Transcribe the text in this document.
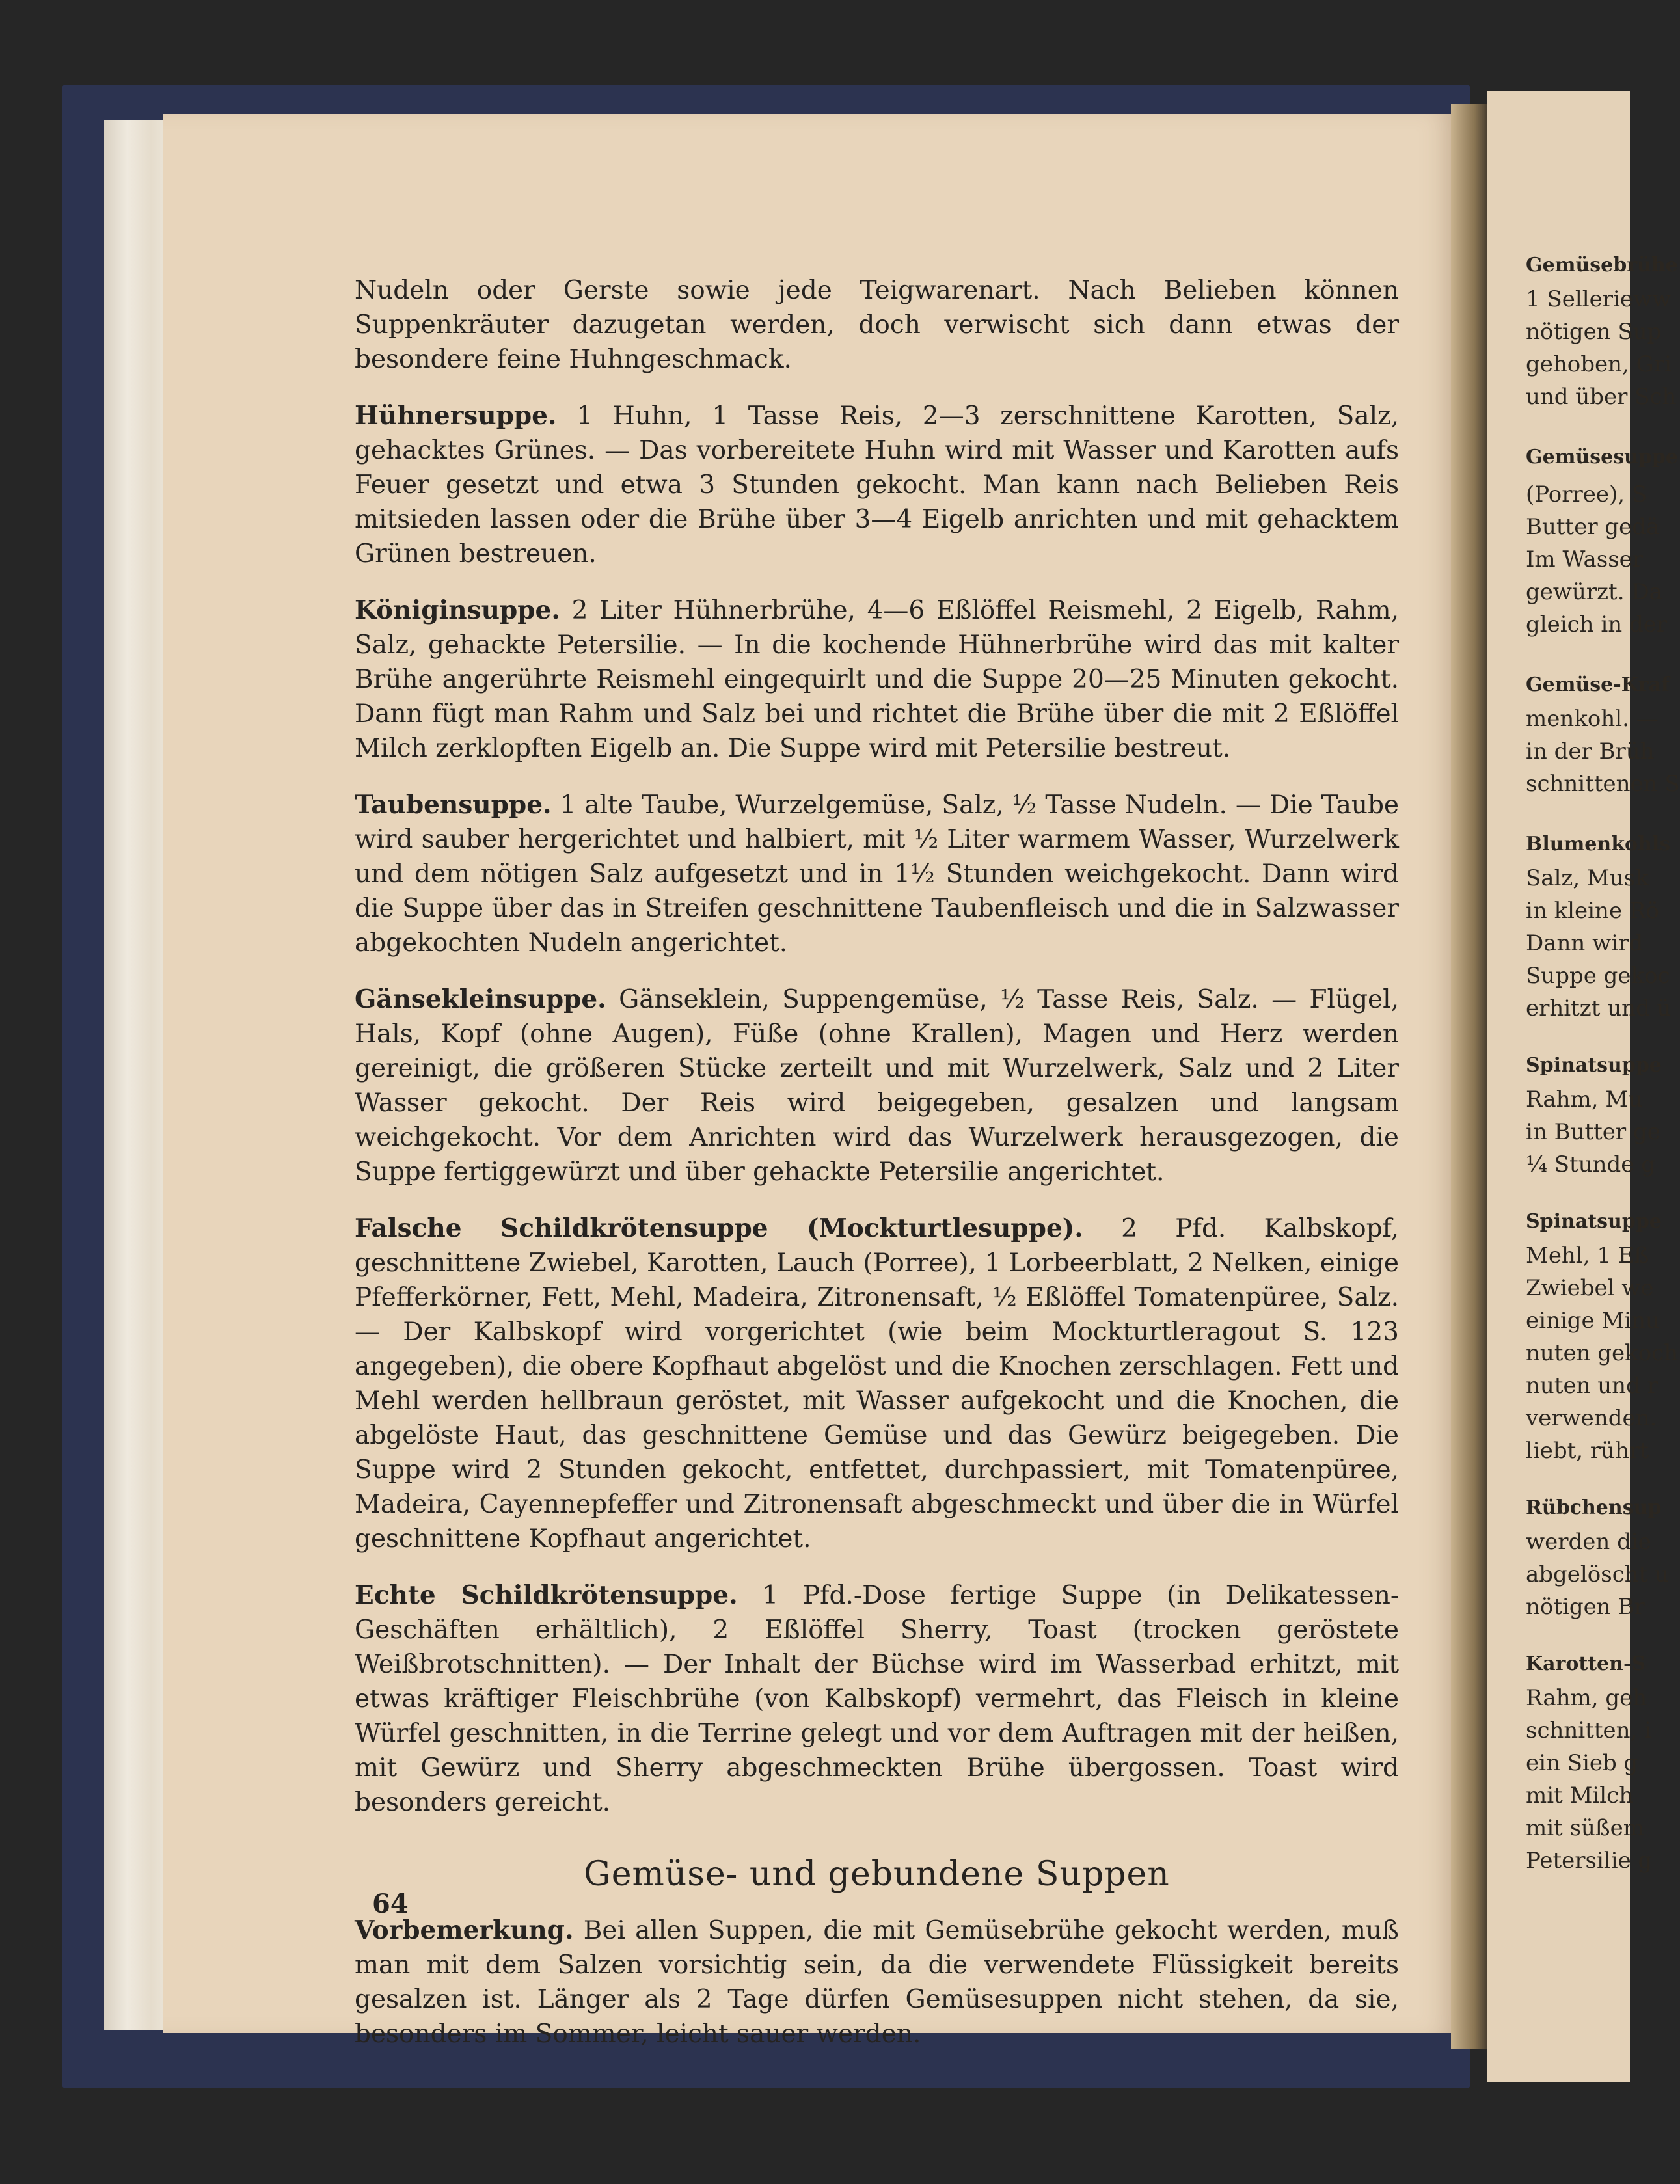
Gemüsebrühe
1 Sellerieww
nötigen Sup
gehoben, Gri
und über Sch
Gemüsesuppe
(Porree), S
Butter gedä
Im Wasser
gewürzt. Da
gleich in der
Gemüse-Kraf
menkohl. —
in der Brüh
schnittenen S
Blumenkohls
Salz, Musk
in kleine Rö
Dann wird
Suppe gekoc
erhitzt und ü
Spinatsuppe
Rahm, Mu
in Butter ge
¼ Stunde g
Spinatsuppe
Mehl, 1 Eß
Zwiebel we
einige Minu
nuten gekoch
nuten und r
verwenden.
liebt, rührt
Rübchensup
werden die
abgelöscht u
nötigen Br
Karotten-S
Rahm, geh
schnitten, i
ein Sieb g
mit Milch
mit süßem
Petersilie g
Nudeln oder Gerste sowie jede Teigwarenart. Nach Belieben können Suppenkräuter dazugetan werden, doch verwischt sich dann etwas der besondere feine Huhngeschmack.
Hühnersuppe. 1 Huhn, 1 Tasse Reis, 2—3 zerschnittene Karotten, Salz, gehacktes Grünes. — Das vorbereitete Huhn wird mit Wasser und Karotten aufs Feuer gesetzt und etwa 3 Stunden gekocht. Man kann nach Belieben Reis mitsieden lassen oder die Brühe über 3—4 Eigelb anrichten und mit gehacktem Grünen bestreuen.
Königinsuppe. 2 Liter Hühnerbrühe, 4—6 Eßlöffel Reismehl, 2 Eigelb, Rahm, Salz, gehackte Petersilie. — In die kochende Hühnerbrühe wird das mit kalter Brühe angerührte Reismehl eingequirlt und die Suppe 20—25 Minuten gekocht. Dann fügt man Rahm und Salz bei und richtet die Brühe über die mit 2 Eßlöffel Milch zerklopften Eigelb an. Die Suppe wird mit Petersilie bestreut.
Taubensuppe. 1 alte Taube, Wurzelgemüse, Salz, ½ Tasse Nudeln. — Die Taube wird sauber hergerichtet und halbiert, mit ½ Liter warmem Wasser, Wurzelwerk und dem nötigen Salz aufgesetzt und in 1½ Stunden weichgekocht. Dann wird die Suppe über das in Streifen geschnittene Taubenfleisch und die in Salzwasser abgekochten Nudeln angerichtet.
Gänsekleinsuppe. Gänseklein, Suppengemüse, ½ Tasse Reis, Salz. — Flügel, Hals, Kopf (ohne Augen), Füße (ohne Krallen), Magen und Herz werden gereinigt, die größeren Stücke zerteilt und mit Wurzelwerk, Salz und 2 Liter Wasser gekocht. Der Reis wird beigegeben, gesalzen und langsam weichgekocht. Vor dem Anrichten wird das Wurzelwerk herausgezogen, die Suppe fertiggewürzt und über gehackte Petersilie angerichtet.
Falsche Schildkrötensuppe (Mockturtlesuppe). 2 Pfd. Kalbskopf, geschnittene Zwiebel, Karotten, Lauch (Porree), 1 Lorbeerblatt, 2 Nelken, einige Pfefferkörner, Fett, Mehl, Madeira, Zitronensaft, ½ Eßlöffel Tomatenpüree, Salz. — Der Kalbskopf wird vorgerichtet (wie beim Mockturtleragout S. 123 angegeben), die obere Kopfhaut abgelöst und die Knochen zerschlagen. Fett und Mehl werden hellbraun geröstet, mit Wasser aufgekocht und die Knochen, die abgelöste Haut, das geschnittene Gemüse und das Gewürz beigegeben. Die Suppe wird 2 Stunden gekocht, entfettet, durchpassiert, mit Tomatenpüree, Madeira, Cayennepfeffer und Zitronensaft abgeschmeckt und über die in Würfel geschnittene Kopfhaut angerichtet.
Echte Schildkrötensuppe. 1 Pfd.-Dose fertige Suppe (in Delikatessen-Geschäften erhältlich), 2 Eßlöffel Sherry, Toast (trocken geröstete Weißbrotschnitten). — Der Inhalt der Büchse wird im Wasserbad erhitzt, mit etwas kräftiger Fleischbrühe (von Kalbskopf) vermehrt, das Fleisch in kleine Würfel geschnitten, in die Terrine gelegt und vor dem Auftragen mit der heißen, mit Gewürz und Sherry abgeschmeckten Brühe übergossen. Toast wird besonders gereicht.
Gemüse- und gebundene Suppen
Vorbemerkung. Bei allen Suppen, die mit Gemüsebrühe gekocht werden, muß man mit dem Salzen vorsichtig sein, da die verwendete Flüssigkeit bereits gesalzen ist. Länger als 2 Tage dürfen Gemüsesuppen nicht stehen, da sie, besonders im Sommer, leicht sauer werden.
64
